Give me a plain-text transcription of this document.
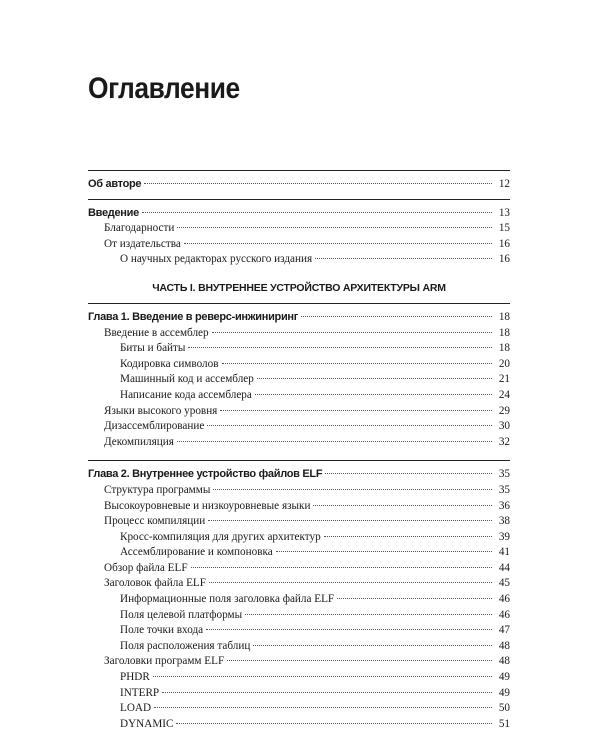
Оглавление
Об авторе	12
Введение	13
Благодарности	15
От издательства	16
О научных редакторах русского издания	16
ЧАСТЬ I. ВНУТРЕННЕЕ УСТРОЙСТВО АРХИТЕКТУРЫ ARM
Глава 1. Введение в реверс-инжиниринг	18
Введение в ассемблер	18
Биты и байты	18
Кодировка символов	20
Машинный код и ассемблер	21
Написание кода ассемблера	24
Языки высокого уровня	29
Дизассемблирование	30
Декомпиляция	32
Глава 2. Внутреннее устройство файлов ELF	35
Структура программы	35
Высокоуровневые и низкоуровневые языки	36
Процесс компиляции	38
Кросс-компиляция для других архитектур	39
Ассемблирование и компоновка	41
Обзор файла ELF	44
Заголовок файла ELF	45
Информационные поля заголовка файла ELF	46
Поля целевой платформы	46
Поле точки входа	47
Поля расположения таблиц	48
Заголовки программ ELF	48
PHDR	49
INTERP	49
LOAD	50
DYNAMIC	51
